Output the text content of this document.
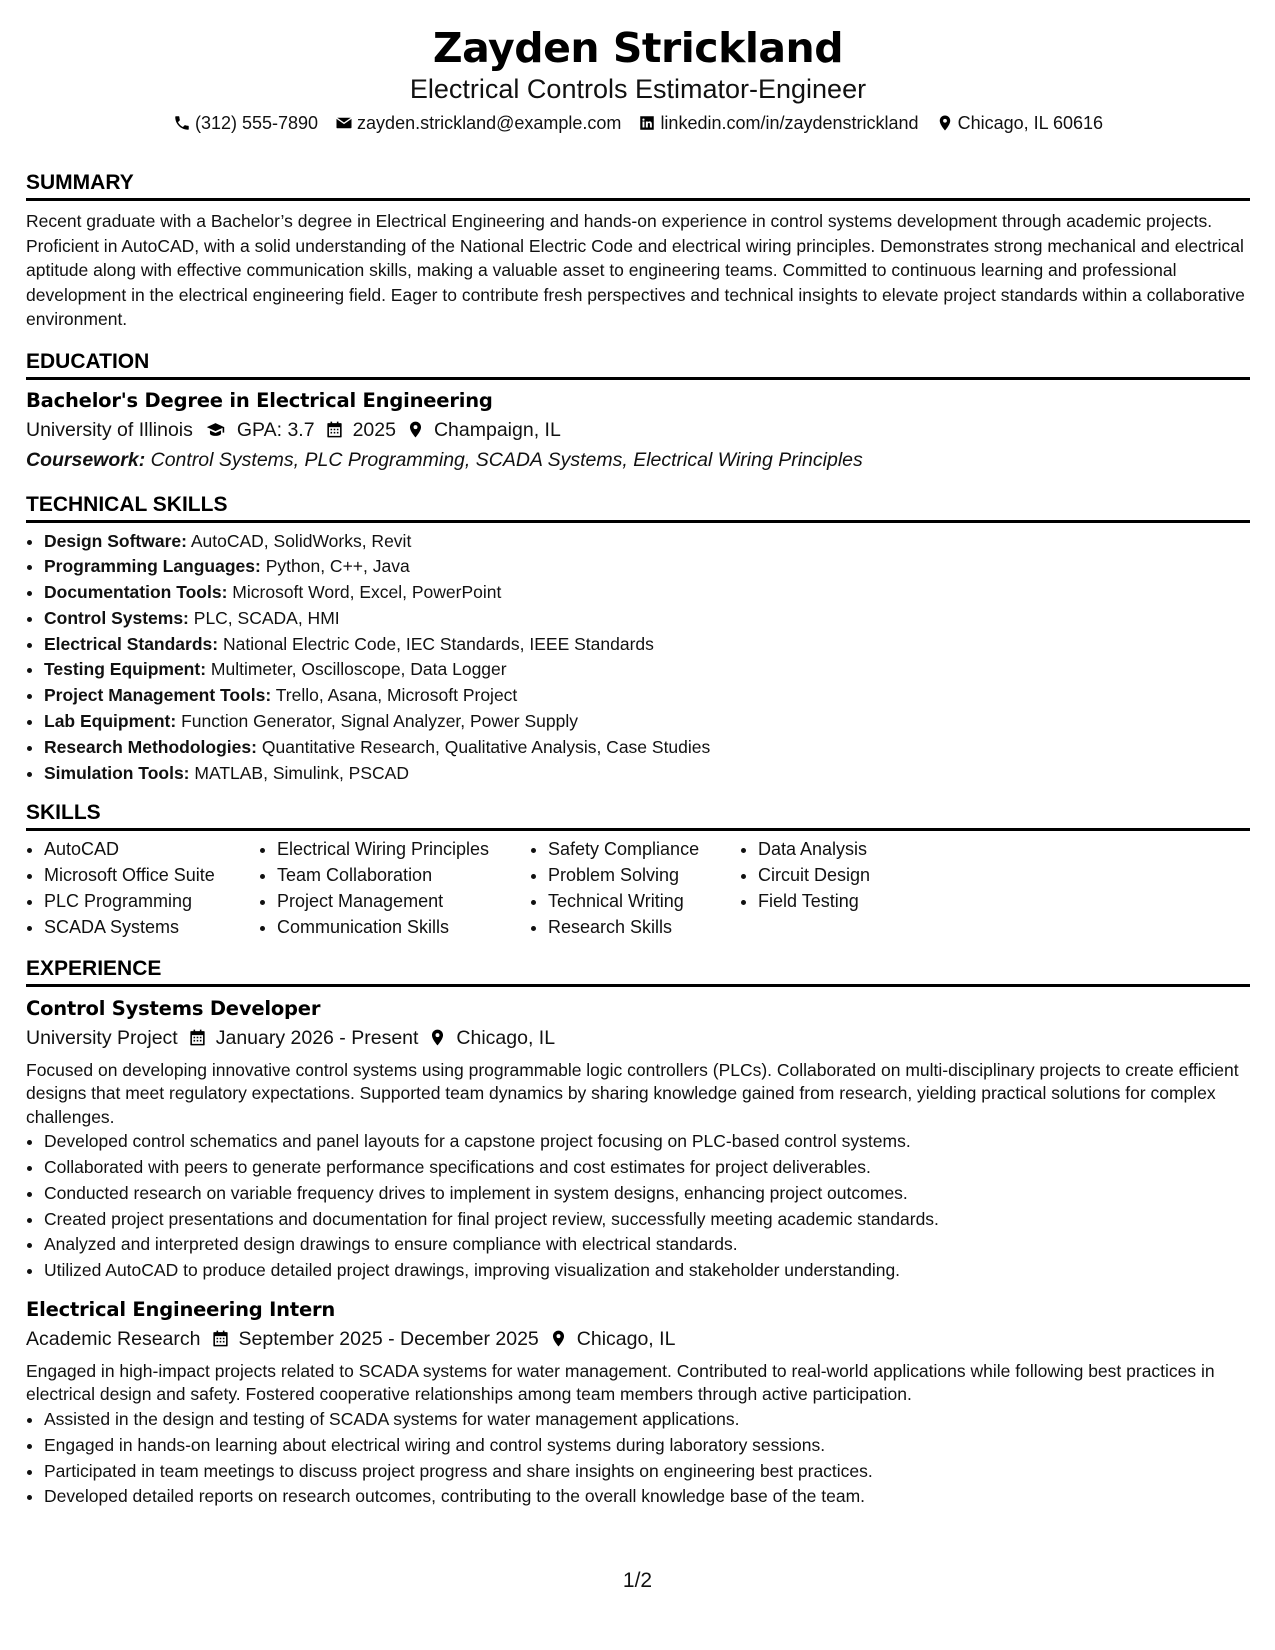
Zayden Strickland
Electrical Controls Estimator-Engineer
(312) 555-7890 zayden.strickland@example.com linkedin.com/in/zaydenstrickland Chicago, IL 60616
SUMMARY
Recent graduate with a Bachelor’s degree in Electrical Engineering and hands-on experience in control systems development through academic projects. Proficient in AutoCAD, with a solid understanding of the National Electric Code and electrical wiring principles. Demonstrates strong mechanical and electrical aptitude along with effective communication skills, making a valuable asset to engineering teams. Committed to continuous learning and professional development in the electrical engineering field. Eager to contribute fresh perspectives and technical insights to elevate project standards within a collaborative environment.
EDUCATION
Bachelor's Degree in Electrical Engineering
University of Illinois GPA: 3.7 2025 Champaign, IL
Coursework: Control Systems, PLC Programming, SCADA Systems, Electrical Wiring Principles
TECHNICAL SKILLS
• Design Software: AutoCAD, SolidWorks, Revit
• Programming Languages: Python, C++, Java
• Documentation Tools: Microsoft Word, Excel, PowerPoint
• Control Systems: PLC, SCADA, HMI
• Electrical Standards: National Electric Code, IEC Standards, IEEE Standards
• Testing Equipment: Multimeter, Oscilloscope, Data Logger
• Project Management Tools: Trello, Asana, Microsoft Project
• Lab Equipment: Function Generator, Signal Analyzer, Power Supply
• Research Methodologies: Quantitative Research, Qualitative Analysis, Case Studies
• Simulation Tools: MATLAB, Simulink, PSCAD
SKILLS
• AutoCAD
• Microsoft Office Suite
• PLC Programming
• SCADA Systems
• Electrical Wiring Principles
• Team Collaboration
• Project Management
• Communication Skills
• Safety Compliance
• Problem Solving
• Technical Writing
• Research Skills
• Data Analysis
• Circuit Design
• Field Testing
EXPERIENCE
Control Systems Developer
University Project January 2026 - Present Chicago, IL
Focused on developing innovative control systems using programmable logic controllers (PLCs). Collaborated on multi-disciplinary projects to create efficient designs that meet regulatory expectations. Supported team dynamics by sharing knowledge gained from research, yielding practical solutions for complex challenges.
• Developed control schematics and panel layouts for a capstone project focusing on PLC-based control systems.
• Collaborated with peers to generate performance specifications and cost estimates for project deliverables.
• Conducted research on variable frequency drives to implement in system designs, enhancing project outcomes.
• Created project presentations and documentation for final project review, successfully meeting academic standards.
• Analyzed and interpreted design drawings to ensure compliance with electrical standards.
• Utilized AutoCAD to produce detailed project drawings, improving visualization and stakeholder understanding.
Electrical Engineering Intern
Academic Research September 2025 - December 2025 Chicago, IL
Engaged in high-impact projects related to SCADA systems for water management. Contributed to real-world applications while following best practices in electrical design and safety. Fostered cooperative relationships among team members through active participation.
• Assisted in the design and testing of SCADA systems for water management applications.
• Engaged in hands-on learning about electrical wiring and control systems during laboratory sessions.
• Participated in team meetings to discuss project progress and share insights on engineering best practices.
• Developed detailed reports on research outcomes, contributing to the overall knowledge base of the team.
1/2
